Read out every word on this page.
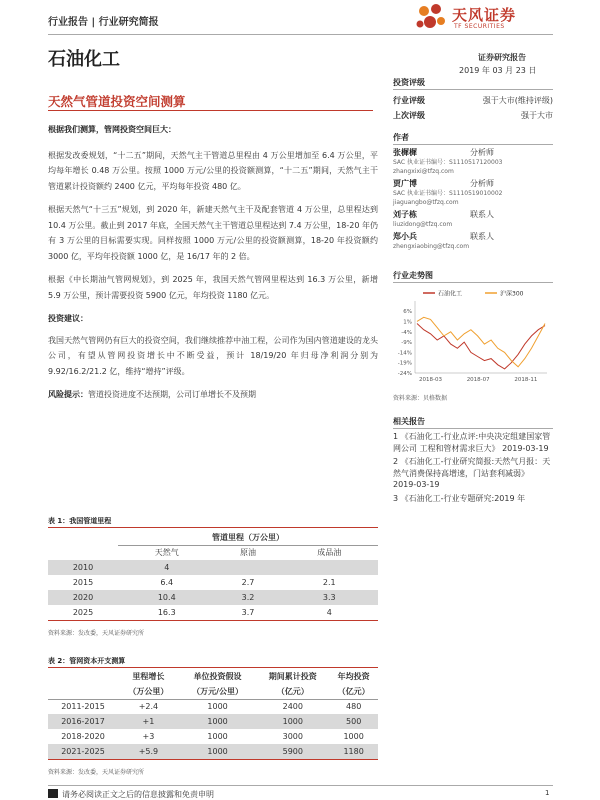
行业报告 | 行业研究简报	天风证券
TF SECURITIES
石油化工	证券研究报告
2019 年 03 月 23 日
天然气管道投资空间测算

根据我们测算，管网投资空间巨大：

根据发改委规划，“十二五”期间，天然气主干管道总里程由 4 万公里增加至 6.4 万公里，平均每年增长 0.48 万公里。按照 1000 万元/公里的投资额测算，“十二五”期间，天然气主干管道累计投资额约 2400 亿元，平均每年投资 480 亿。

根据天然气“十三五”规划，到 2020 年，新建天然气主干及配套管道 4 万公里，总里程达到 10.4 万公里。截止到 2017 年底，全国天然气主干管道总里程达到 7.4 万公里，18-20 年仍有 3 万公里的目标需要实现。同样按照 1000 万元/公里的投资额测算，18-20 年投资额约 3000 亿，平均年投资额 1000 亿，是 16/17 年的 2 倍。

根据《中长期油气管网规划》，到 2025 年，我国天然气管网里程达到 16.3 万公里，新增 5.9 万公里，预计需要投资 5900 亿元，年均投资 1180 亿元。

投资建议：

我国天然气管网仍有巨大的投资空间，我们继续推荐中油工程，公司作为国内管道建设的龙头公司，有望从管网投资增长中不断受益，预计 18/19/20 年归母净利润分别为 9.92/16.2/21.2 亿，维持“增持”评级。

风险提示：管道投资进度不达预期，公司订单增长不及预期

投资评级
行业评级	强于大市(维持评级)
上次评级	强于大市
作者
张樨樨	分析师
SAC 执业证书编号：S1110517120003
zhangxixi@tfzq.com
贾广博	分析师
SAC 执业证书编号：S1110519010002
jiaguangbo@tfzq.com
刘子栋	联系人
liuzidong@tfzq.com
郑小兵	联系人
zhengxiaobing@tfzq.com
行业走势图
石油化工	沪深300
6%
1%
-4%
-9%
-14%
-19%
-24%
2018-03	2018-07	2018-11
资料来源：贝格数据
相关报告
1 《石油化工-行业点评:中央决定组建国家管网公司 工程和管材需求巨大》 2019-03-19
2 《石油化工-行业研究简报:天然气月报：天然气消费保持高增速，门站套利减弱》 2019-03-19
3 《石油化工-行业专题研究:2019 年
表 1：我国管道里程
	管道里程（万公里）		
	天然气	原油	成品油
2010	4		
2015	6.4	2.7	2.1
2020	10.4	3.2	3.3
2025	16.3	3.7	4
资料来源：发改委，天风证券研究所
表 2：管网资本开支测算
	里程增长	单位投资假设	期间累计投资	年均投资
	（万公里）	（万元/公里）	（亿元）	（亿元）
2011-2015	+2.4	1000	2400	480
2016-2017	+1	1000	1000	500
2018-2020	+3	1000	3000	1000
2021-2025	+5.9	1000	5900	1180
资料来源：发改委，天风证券研究所
请务必阅读正文之后的信息披露和免责申明	1
